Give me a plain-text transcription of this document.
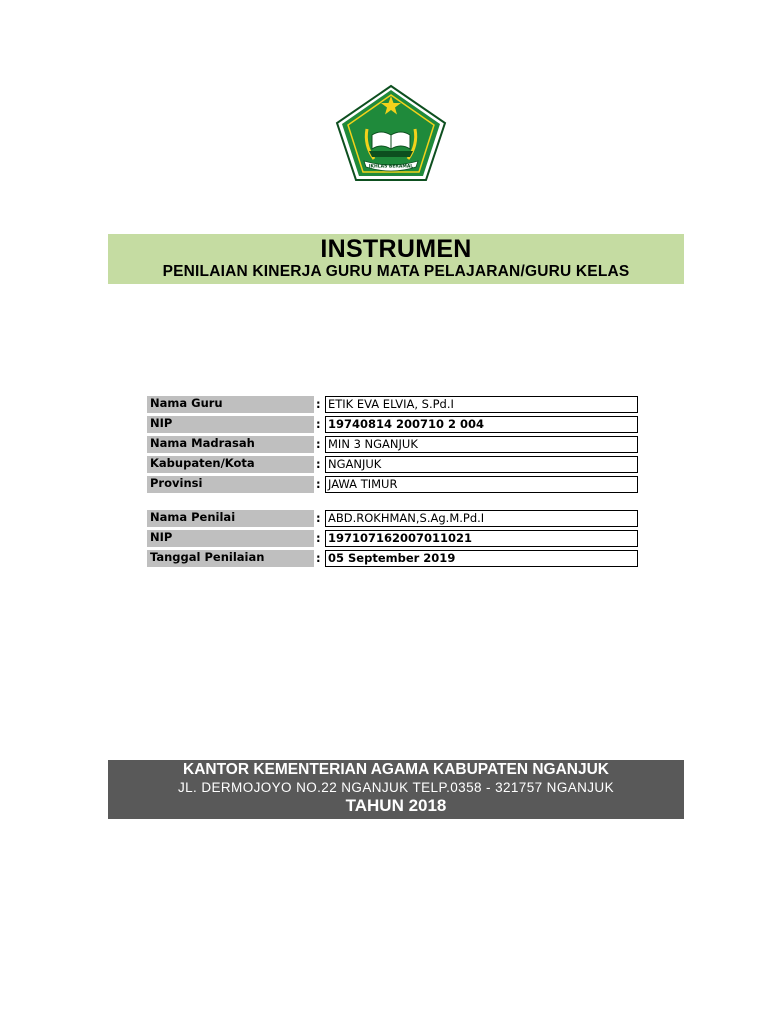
IKHLAS BERAMAL
INSTRUMEN
PENILAIAN KINERJA GURU MATA PELAJARAN/GURU KELAS
Nama Guru	: ETIK EVA ELVIA, S.Pd.I
NIP	: 19740814 200710 2 004
Nama Madrasah	: MIN 3 NGANJUK
Kabupaten/Kota	: NGANJUK
Provinsi	: JAWA TIMUR
Nama Penilai	: ABD.ROKHMAN,S.Ag.M.Pd.I
NIP	: 197107162007011021
Tanggal Penilaian	: 05 September 2019
KANTOR KEMENTERIAN AGAMA KABUPATEN NGANJUK
JL. DERMOJOYO NO.22 NGANJUK TELP.0358 - 321757 NGANJUK
TAHUN 2018
